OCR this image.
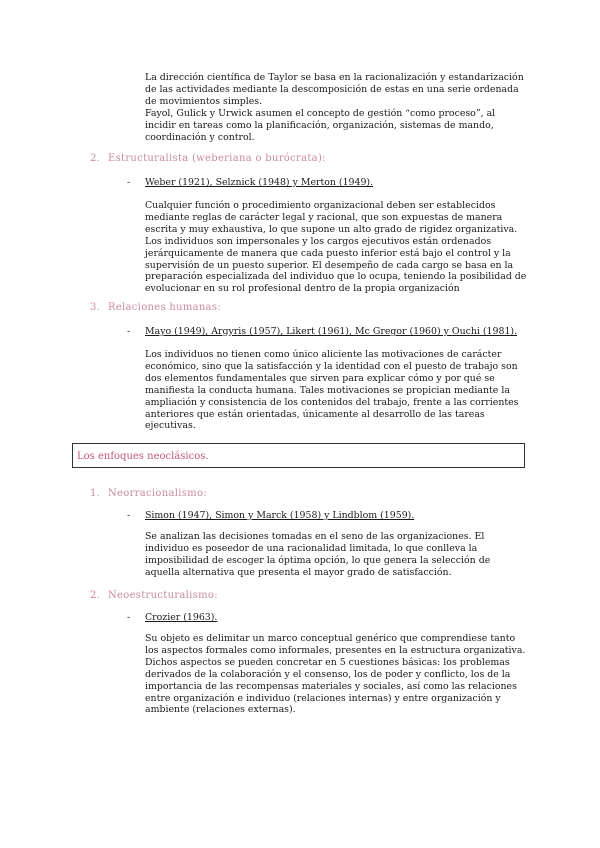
La dirección científica de Taylor se basa en la racionalización y estandarización de las actividades mediante la descomposición de estas en una serie ordenada de movimientos simples.

Fayol, Gulick y Urwick asumen el concepto de gestión “como proceso”, al incidir en tareas como la planificación, organización, sistemas de mando, coordinación y control.

2. Estructuralista (weberiana o burócrata):
- Weber (1921), Selznick (1948) y Merton (1949).

Cualquier función o procedimiento organizacional deben ser establecidos mediante reglas de carácter legal y racional, que son expuestas de manera escrita y muy exhaustiva, lo que supone un alto grado de rigidez organizativa. Los individuos son impersonales y los cargos ejecutivos están ordenados jerárquicamente de manera que cada puesto inferior está bajo el control y la supervisión de un puesto superior. El desempeño de cada cargo se basa en la preparación especializada del individuo que lo ocupa, teniendo la posibilidad de evolucionar en su rol profesional dentro de la propia organización

3. Relaciones humanas:
- Mayo (1949), Argyris (1957), Likert (1961), Mc Gregor (1960) y Ouchi (1981).

Los individuos no tienen como único aliciente las motivaciones de carácter económico, sino que la satisfacción y la identidad con el puesto de trabajo son dos elementos fundamentales que sirven para explicar cómo y por qué se manifiesta la conducta humana. Tales motivaciones se propician mediante la ampliación y consistencia de los contenidos del trabajo, frente a las corrientes anteriores que están orientadas, únicamente al desarrollo de las tareas ejecutivas.

Los enfoques neoclásicos.
1. Neorracionalismo:
- Simon (1947), Simon y Marck (1958) y Lindblom (1959).

Se analizan las decisiones tomadas en el seno de las organizaciones. El individuo es poseedor de una racionalidad limitada, lo que conlleva la imposibilidad de escoger la óptima opción, lo que genera la selección de aquella alternativa que presenta el mayor grado de satisfacción.

2. Neoestructuralismo:
- Crozier (1963).

Su objeto es delimitar un marco conceptual genérico que comprendiese tanto los aspectos formales como informales, presentes en la estructura organizativa. Dichos aspectos se pueden concretar en 5 cuestiones básicas: los problemas derivados de la colaboración y el consenso, los de poder y conflicto, los de la importancia de las recompensas materiales y sociales, así como las relaciones entre organización e individuo (relaciones internas) y entre organización y ambiente (relaciones externas).
